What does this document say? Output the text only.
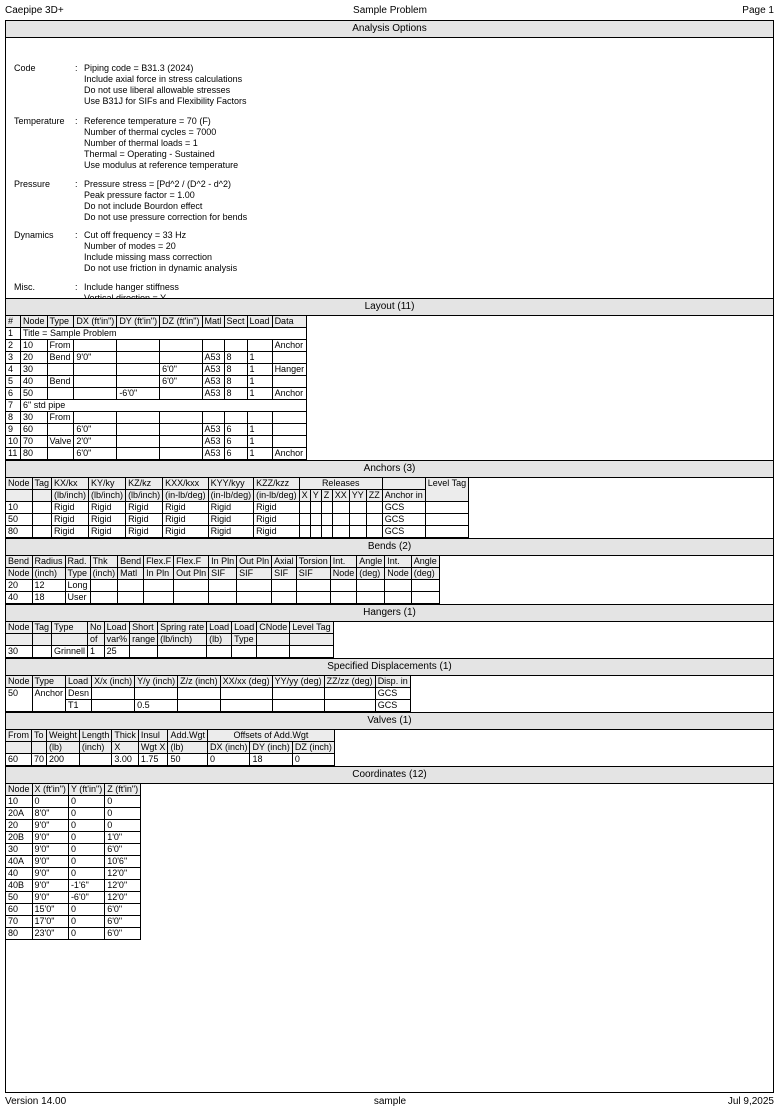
Caepipe 3D+	Sample Problem	Page 1
Analysis Options
Code	: Piping code = B31.3 (2024)
Include axial force in stress calculations
Do not use liberal allowable stresses
Use B31J for SIFs and Flexibility Factors
Temperature	: Reference temperature = 70 (F)
Number of thermal cycles = 7000
Number of thermal loads = 1
Thermal = Operating - Sustained
Use modulus at reference temperature
Pressure	: Pressure stress = [Pd^2 / (D^2 - d^2)
Peak pressure factor = 1.00
Do not include Bourdon effect
Do not use pressure correction for bends
Dynamics	: Cut off frequency = 33 Hz
Number of modes = 20
Include missing mass correction
Do not use friction in dynamic analysis
Misc.	: Include hanger stiffness
Layout (11)
#	Node	Type	DX (ft'in")	DY (ft'in")	DZ (ft'in")	Matl	Sect	Load	Data
1	Title = Sample Problem								
2	10	From							Anchor
3	20	Bend	9'0"			A53	8	1	
4	30				6'0"	A53	8	1	Hanger
5	40	Bend			6'0"	A53	8	1	
6	50			-6'0"		A53	8	1	Anchor
7	6" std pipe								
8	30	From							
9	60		6'0"			A53	6	1	
10	70	Valve	2'0"			A53	6	1	
11	80		6'0"			A53	6	1	Anchor
Anchors (3)
Node	Tag	KX/kx	KY/ky	KZ/kz	KXX/kxx	KYY/kyy	KZZ/kzz	Releases							Level Tag
		(lb/inch)	(lb/inch)	(lb/inch)	(in-lb/deg)	(in-lb/deg)	(in-lb/deg)	X	Y	Z	XX	YY	ZZ	Anchor in	
10		Rigid	Rigid	Rigid	Rigid	Rigid	Rigid							GCS	
50		Rigid	Rigid	Rigid	Rigid	Rigid	Rigid							GCS	
80		Rigid	Rigid	Rigid	Rigid	Rigid	Rigid							GCS	
Bends (2)
Bend	Radius	Rad.	Thk	Bend	Flex.F	Flex.F	In Pln	Out Pln	Axial	Torsion	Int.	Angle	Int.	Angle
Node	(inch)	Type	(inch)	Matl	In Pln	Out Pln	SIF	SIF	SIF	SIF	Node	(deg)	Node	(deg)
20	12	Long												
40	18	User												
Hangers (1)
Node	Tag	Type	No	Load	Short	Spring rate	Load	Load	CNode	Level Tag
			of	var%	range	(lb/inch)	(lb)	Type		
30		Grinnell	1	25						
Specified Displacements (1)
Node	Type	Load	X/x (inch)	Y/y (inch)	Z/z (inch)	XX/xx (deg)	YY/yy (deg)	ZZ/zz (deg)	Disp. in
50	Anchor	Desn							GCS
		T1		0.5					GCS
Valves (1)
From	To	Weight	Length	Thick	Insul	Add.Wgt	Offsets of Add.Wgt		
		(lb)	(inch)	X	Wgt X	(lb)	DX (inch)	DY (inch)	DZ (inch)
60	70	200		3.00	1.75	50	0	18	0
Coordinates (12)
Node	X (ft'in")	Y (ft'in")	Z (ft'in")
10	0	0	0
20A	8'0"	0	0
20	9'0"	0	0
20B	9'0"	0	1'0"
30	9'0"	0	6'0"
40A	9'0"	0	10'6"
40	9'0"	0	12'0"
40B	9'0"	-1'6"	12'0"
50	9'0"	-6'0"	12'0"
60	15'0"	0	6'0"
70	17'0"	0	6'0"
80	23'0"	0	6'0"
Version 14.00	sample	Jul 9,2025
